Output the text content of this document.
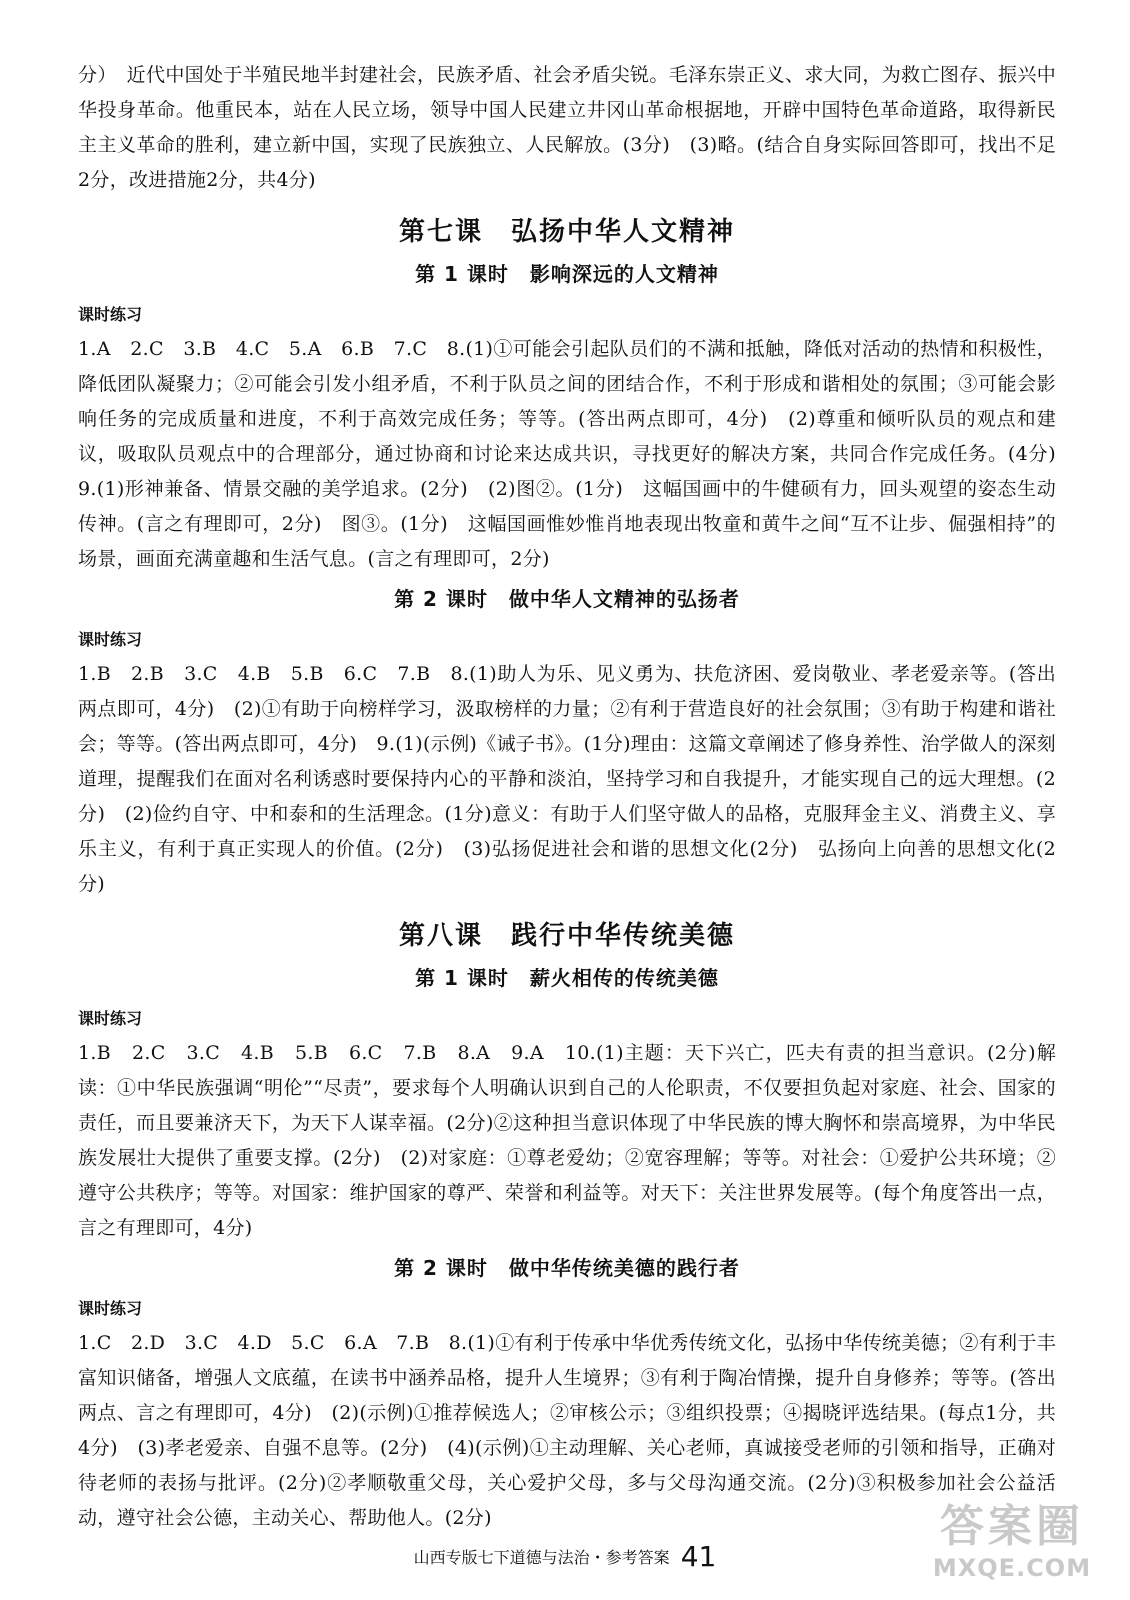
分）　近代中国处于半殖民地半封建社会，民族矛盾、社会矛盾尖锐。毛泽东崇正义、求大同，为救亡图存、振兴中华投身革命。他重民本，站在人民立场，领导中国人民建立井冈山革命根据地，开辟中国特色革命道路，取得新民主主义革命的胜利，建立新中国，实现了民族独立、人民解放。(3分)　(3)略。(结合自身实际回答即可，找出不足2分，改进措施2分，共4分)

第七课　弘扬中华人文精神
第 1 课时　影响深远的人文精神

课时练习

1.A　2.C　3.B　4.C　5.A　6.B　7.C　8.(1)①可能会引起队员们的不满和抵触，降低对活动的热情和积极性，降低团队凝聚力；②可能会引发小组矛盾，不利于队员之间的团结合作，不利于形成和谐相处的氛围；③可能会影响任务的完成质量和进度，不利于高效完成任务；等等。(答出两点即可，4分)　(2)尊重和倾听队员的观点和建议，吸取队员观点中的合理部分，通过协商和讨论来达成共识，寻找更好的解决方案，共同合作完成任务。(4分)　9.(1)形神兼备、情景交融的美学追求。(2分)　(2)图②。(1分)　这幅国画中的牛健硕有力，回头观望的姿态生动传神。(言之有理即可，2分)　图③。(1分)　这幅国画惟妙惟肖地表现出牧童和黄牛之间“互不让步、倔强相持”的场景，画面充满童趣和生活气息。(言之有理即可，2分)

第 2 课时　做中华人文精神的弘扬者

课时练习

1.B　2.B　3.C　4.B　5.B　6.C　7.B　8.(1)助人为乐、见义勇为、扶危济困、爱岗敬业、孝老爱亲等。(答出两点即可，4分)　(2)①有助于向榜样学习，汲取榜样的力量；②有利于营造良好的社会氛围；③有助于构建和谐社会；等等。(答出两点即可，4分)　9.(1)(示例)《诫子书》。(1分)理由：这篇文章阐述了修身养性、治学做人的深刻道理，提醒我们在面对名利诱惑时要保持内心的平静和淡泊，坚持学习和自我提升，才能实现自己的远大理想。(2分)　(2)俭约自守、中和泰和的生活理念。(1分)意义：有助于人们坚守做人的品格，克服拜金主义、消费主义、享乐主义，有利于真正实现人的价值。(2分)　(3)弘扬促进社会和谐的思想文化(2分)　弘扬向上向善的思想文化(2分)

第八课　践行中华传统美德
第 1 课时　薪火相传的传统美德

课时练习

1.B　2.C　3.C　4.B　5.B　6.C　7.B　8.A　9.A　10.(1)主题：天下兴亡，匹夫有责的担当意识。(2分)解读：①中华民族强调“明伦”“尽责”，要求每个人明确认识到自己的人伦职责，不仅要担负起对家庭、社会、国家的责任，而且要兼济天下，为天下人谋幸福。(2分)②这种担当意识体现了中华民族的博大胸怀和崇高境界，为中华民族发展壮大提供了重要支撑。(2分)　(2)对家庭：①尊老爱幼；②宽容理解；等等。对社会：①爱护公共环境；②遵守公共秩序；等等。对国家：维护国家的尊严、荣誉和利益等。对天下：关注世界发展等。(每个角度答出一点，言之有理即可，4分)

第 2 课时　做中华传统美德的践行者

课时练习

1.C　2.D　3.C　4.D　5.C　6.A　7.B　8.(1)①有利于传承中华优秀传统文化，弘扬中华传统美德；②有利于丰富知识储备，增强人文底蕴，在读书中涵养品格，提升人生境界；③有利于陶冶情操，提升自身修养；等等。(答出两点、言之有理即可，4分)　(2)(示例)①推荐候选人；②审核公示；③组织投票；④揭晓评选结果。(每点1分，共4分)　(3)孝老爱亲、自强不息等。(2分)　(4)(示例)①主动理解、关心老师，真诚接受老师的引领和指导，正确对待老师的表扬与批评。(2分)②孝顺敬重父母，关心爱护父母，多与父母沟通交流。(2分)③积极参加社会公益活动，遵守社会公德，主动关心、帮助他人。(2分)

山西专版七下道德与法治・参考答案 41
答案圈
MXQE.COM
